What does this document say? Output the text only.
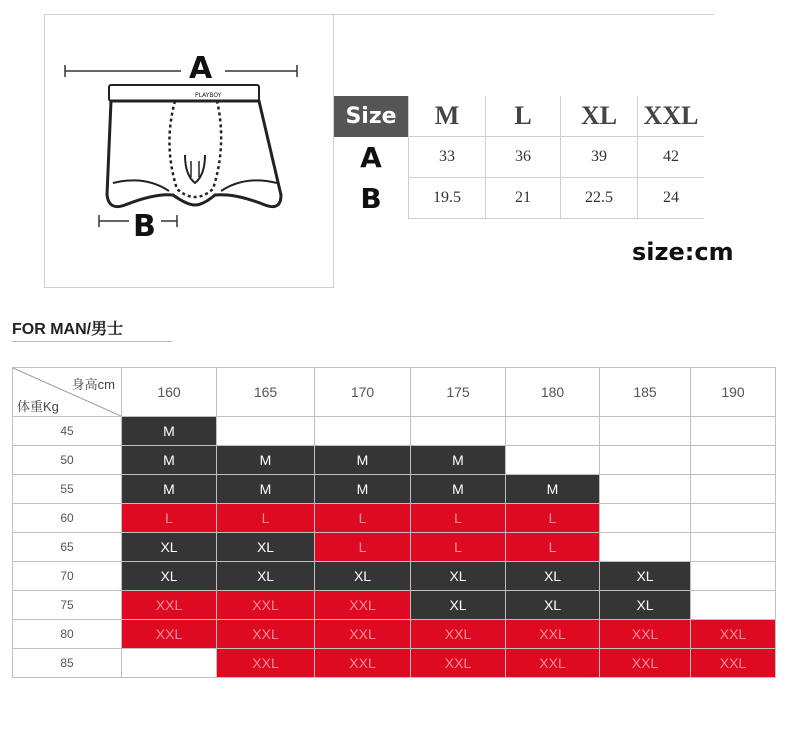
PLAYBOY
A
B
Size	M	L	XL	XXL
A	33	36	39	42
B	19.5	21	22.5	24
size:cm
FOR MAN/男士
身高cm
体重Kg	160	165	170	175	180	185	190
45	M						
50	M	M	M	M			
55	M	M	M	M	M		
60	L	L	L	L	L		
65	XL	XL	L	L	L		
70	XL	XL	XL	XL	XL	XL	
75	XXL	XXL	XXL	XL	XL	XL	
80	XXL	XXL	XXL	XXL	XXL	XXL	XXL
85		XXL	XXL	XXL	XXL	XXL	XXL
